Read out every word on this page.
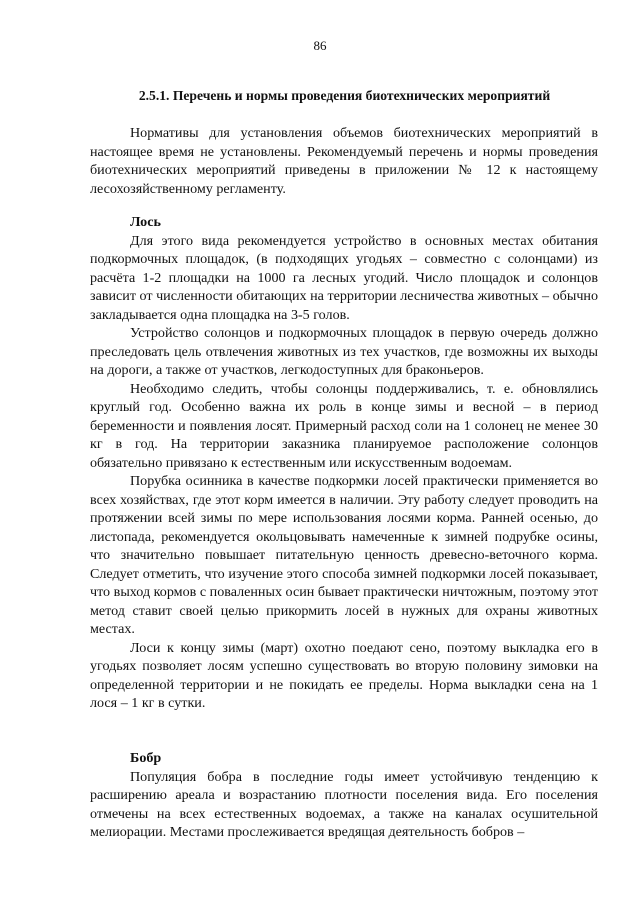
86
2.5.1. Перечень и нормы проведения биотехнических мероприятий

Нормативы для установления объемов биотехнических мероприятий в настоящее время не установлены. Рекомендуемый перечень и нормы проведения биотехнических мероприятий приведены в приложении № 12 к настоящему лесохозяйственному регламенту.

Лось

Для этого вида рекомендуется устройство в основных местах обитания подкормочных площадок, (в подходящих угодьях – совместно с солонцами) из расчёта 1-2 площадки на 1000 га лесных угодий. Число площадок и солонцов зависит от численности обитающих на территории лесничества животных – обычно закладывается одна площадка на 3-5 голов.

Устройство солонцов и подкормочных площадок в первую очередь должно преследовать цель отвлечения животных из тех участков, где возможны их выходы на дороги, а также от участков, легкодоступных для браконьеров.

Необходимо следить, чтобы солонцы поддерживались, т. е. обновлялись круглый год. Особенно важна их роль в конце зимы и весной – в период беременности и появления лосят. Примерный расход соли на 1 солонец не менее 30 кг в год. На территории заказника планируемое расположение солонцов обязательно привязано к естественным или искусственным водоемам.

Порубка осинника в качестве подкормки лосей практически применяется во всех хозяйствах, где этот корм имеется в наличии. Эту работу следует проводить на протяжении всей зимы по мере использования лосями корма. Ранней осенью, до листопада, рекомендуется окольцовывать намеченные к зимней подрубке осины, что значительно повышает питательную ценность древесно-веточного корма. Следует отметить, что изучение этого способа зимней подкормки лосей показывает, что выход кормов с поваленных осин бывает практически ничтожным, поэтому этот метод ставит своей целью прикормить лосей в нужных для охраны животных местах.

Лоси к концу зимы (март) охотно поедают сено, поэтому выкладка его в угодьях позволяет лосям успешно существовать во вторую половину зимовки на определенной территории и не покидать ее пределы. Норма выкладки сена на 1 лося – 1 кг в сутки.

Бобр

Популяция бобра в последние годы имеет устойчивую тенденцию к расширению ареала и возрастанию плотности поселения вида. Его поселения отмечены на всех естественных водоемах, а также на каналах осушительной мелиорации. Местами прослеживается вредящая деятельность бобров –
